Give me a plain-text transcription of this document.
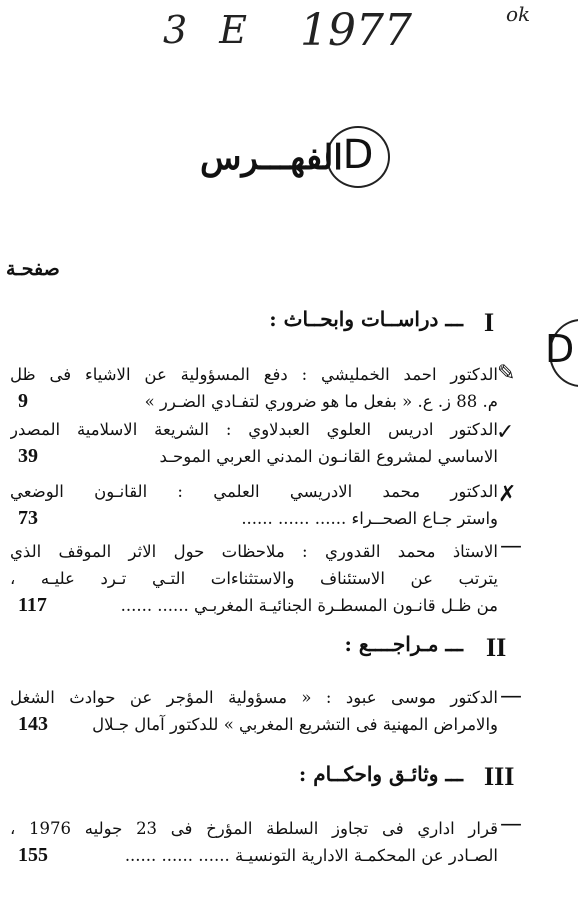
3 E 1977	ok
D
D
الفهـــرس
صفحـة
I
ـــ دراســات وابحــاث :
✎
الدكتور احمد الخمليشي : دفع المسؤولية عن الاشياء فى ظل
م. 88 ز. ع. « بفعل ما هو ضروري لتفـادي الضـرر »
9
✓
الدكتور ادريس العلوي العبدلاوي : الشريعة الاسلامية المصدر
الاساسي لمشروع القانـون المدني العربي الموحـد
39
✗
الدكتور محمد الادريسي العلمي : القانـون الوضعي
واستر جـاع الصحــراء ...... ...... ......
73
—
الاستاذ محمد القدوري : ملاحظات حول الاثر الموقف الذي
يترتب عن الاستئناف والاستثناءات التـي تـرد عليـه ،
من ظـل قانـون المسطـرة الجنائيـة المغربـي ...... ......
117
II
ـــ مـراجــــع :
—
الدكتور موسى عبود : « مسؤولية المؤجر عن حوادث الشغل
والامراض المهنية فى التشريع المغربي » للدكتور آمال جـلال
143
III
ـــ وثائـق واحكــام :
—
قرار اداري فى تجاوز السلطة المؤرخ فى 23 جوليه 1976 ،
الصـادر عن المحكمـة الادارية التونسيـة ...... ...... ......
155
